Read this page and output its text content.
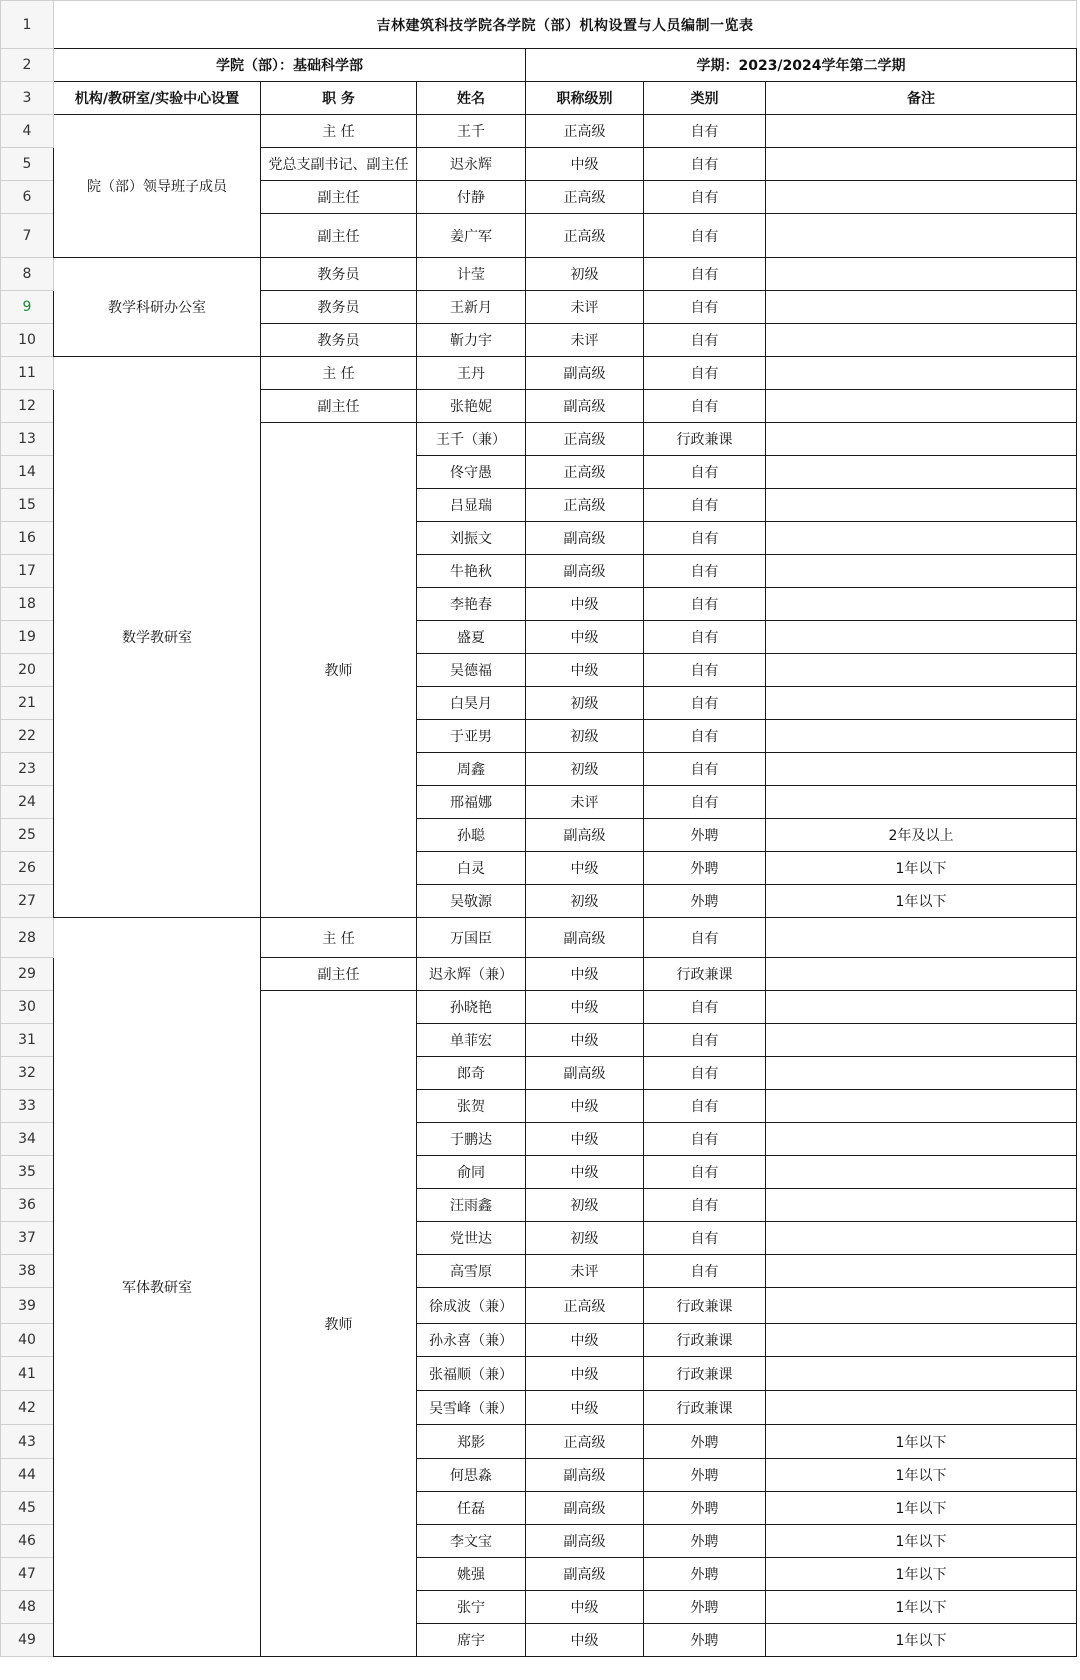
1	吉林建筑科技学院各学院（部）机构设置与人员编制一览表					
2	学院（部）：基础科学部			学期：2023/2024学年第二学期		
3	机构/教研室/实验中心设置	职 务	姓名	职称级别	类别	备注
4	院（部）领导班子成员	主 任	王千	正高级	自有	
5		党总支副书记、副主任	迟永辉	中级	自有	
6		副主任	付静	正高级	自有	
7		副主任	姜广军	正高级	自有	
8	教学科研办公室	教务员	计莹	初级	自有	
9		教务员	王新月	未评	自有	
10		教务员	靳力宇	未评	自有	
11	数学教研室	主 任	王丹	副高级	自有	
12		副主任	张艳妮	副高级	自有	
13		教师	王千（兼）	正高级	行政兼课	
14			佟守愚	正高级	自有	
15			吕显瑞	正高级	自有	
16			刘振文	副高级	自有	
17			牛艳秋	副高级	自有	
18			李艳春	中级	自有	
19			盛夏	中级	自有	
20			吴德福	中级	自有	
21			白昊月	初级	自有	
22			于亚男	初级	自有	
23			周鑫	初级	自有	
24			邢福娜	未评	自有	
25			孙聪	副高级	外聘	2年及以上
26			白灵	中级	外聘	1年以下
27			吴敬源	初级	外聘	1年以下
28	军体教研室	主 任	万国臣	副高级	自有	
29		副主任	迟永辉（兼）	中级	行政兼课	
30		教师	孙晓艳	中级	自有	
31			单菲宏	中级	自有	
32			郎奇	副高级	自有	
33			张贺	中级	自有	
34			于鹏达	中级	自有	
35			俞同	中级	自有	
36			汪雨鑫	初级	自有	
37			党世达	初级	自有	
38			高雪原	未评	自有	
39			徐成波（兼）	正高级	行政兼课	
40			孙永喜（兼）	中级	行政兼课	
41			张福顺（兼）	中级	行政兼课	
42			吴雪峰（兼）	中级	行政兼课	
43			郑影	正高级	外聘	1年以下
44			何思淼	副高级	外聘	1年以下
45			任磊	副高级	外聘	1年以下
46			李文宝	副高级	外聘	1年以下
47			姚强	副高级	外聘	1年以下
48			张宁	中级	外聘	1年以下
49			席宇	中级	外聘	1年以下
